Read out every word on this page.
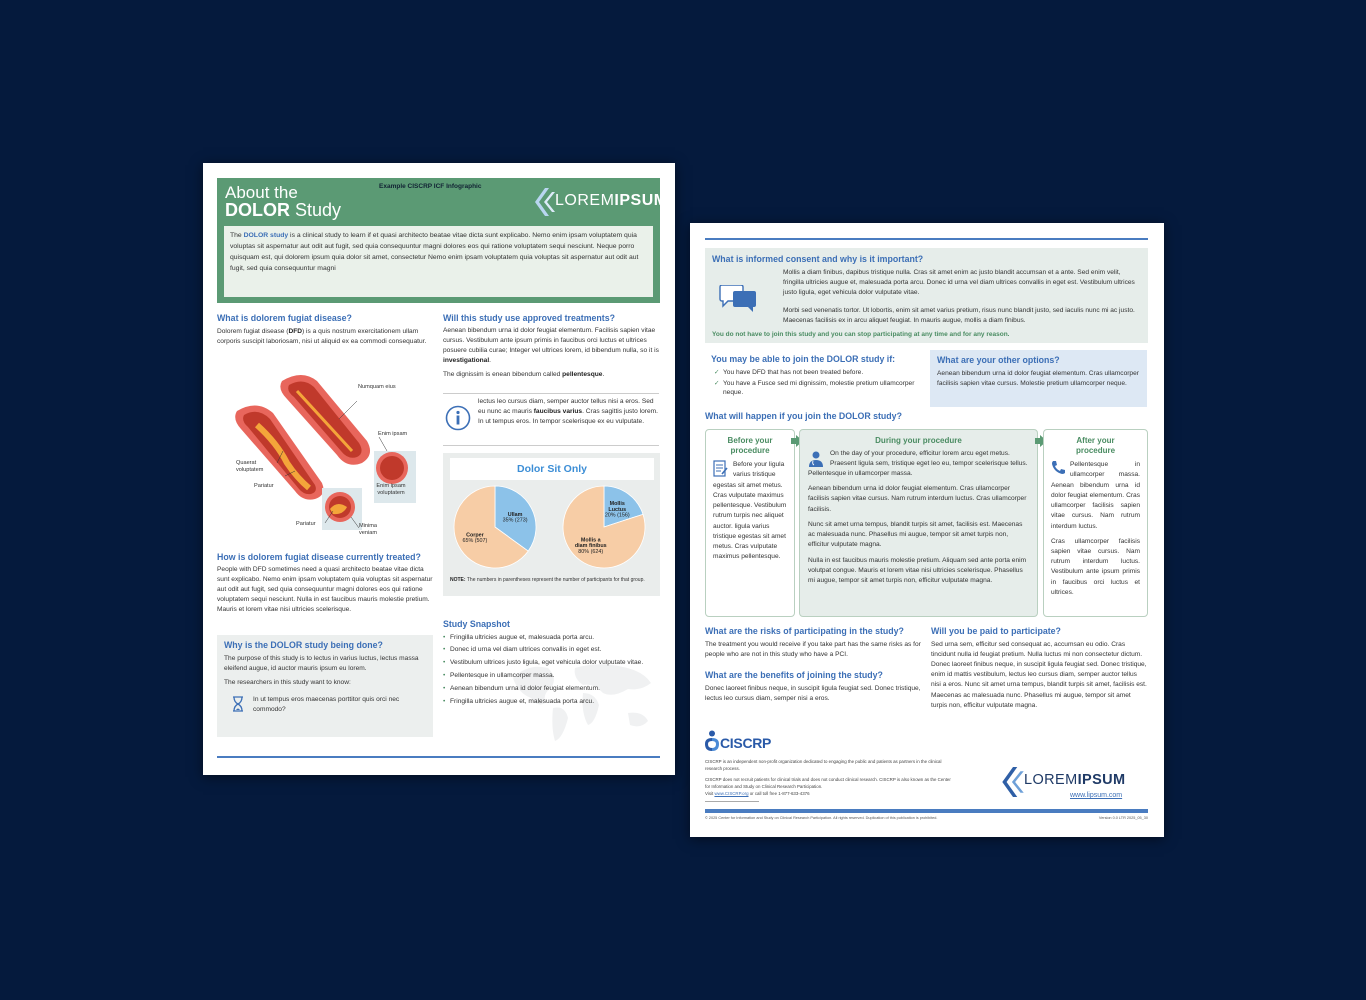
About the
DOLOR Study
Example CISCRP ICF Infographic
LOREMIPSUM

The DOLOR study is a clinical study to learn if et quasi architecto beatae vitae dicta sunt explicabo. Nemo enim ipsam voluptatem quia voluptas sit aspernatur aut odit aut fugit, sed quia consequuntur magni dolores eos qui ratione voluptatem sequi nesciunt. Neque porro quisquam est, qui dolorem ipsum quia dolor sit amet, consectetur Nemo enim ipsam voluptatem quia voluptas sit aspernatur aut odit aut fugit, sed quia consequuntur magni

What is dolorem fugiat disease?

Dolorem fugiat disease (DFD) is a quis nostrum exercitationem ullam corporis suscipit laboriosam, nisi ut aliquid ex ea commodi consequatur.

Numquam eius
Enim ipsam
Quaerat voluptatem
Pariatur	Enim ipsam voluptatem
Pariatur	Minima veniam
How is dolorem fugiat disease currently treated?

People with DFD sometimes need a quasi architecto beatae vitae dicta sunt explicabo. Nemo enim ipsam voluptatem quia voluptas sit aspernatur aut odit aut fugit, sed quia consequuntur magni dolores eos qui ratione voluptatem sequi nesciunt. Nulla in est faucibus mauris molestie pretium. Mauris et lorem vitae nisi ultricies scelerisque.

Why is the DOLOR study being done?

The purpose of this study is to lectus in varius luctus, lectus massa eleifend augue, id auctor mauris ipsum eu lorem.

The researchers in this study want to know:

In ut tempus eros maecenas porttitor quis orci nec commodo?

Will this study use approved treatments?

Aenean bibendum urna id dolor feugiat elementum. Facilisis sapien vitae cursus. Vestibulum ante ipsum primis in faucibus orci luctus et ultrices posuere cubilia curae; Integer vel ultrices lorem, id bibendum nulla, so it is investigational.

The dignissim is enean bibendum called pellentesque.

lectus leo cursus diam, semper auctor tellus nisi a eros. Sed eu nunc ac mauris faucibus varius. Cras sagittis justo lorem. In ut tempus eros. In tempor scelerisque ex eu vulputate.

Dolor Sit Only
Ullam
35% (273)
Corper
65% (507)
Mollis
Luctus
20% (156)
Mollis a
diam finibus
80% (624)

NOTE: The numbers in parentheses represent the number of participants for that group.

Study Snapshot
• Fringilla ultricies augue et, malesuada porta arcu.
• Donec id urna vel diam ultrices convallis in eget est.
• Vestibulum ultrices justo ligula, eget vehicula dolor vulputate vitae.
• Pellentesque in ullamcorper massa.
• Aenean bibendum urna id dolor feugiat elementum.
• Fringilla ultricies augue et, malesuada porta arcu.
What is informed consent and why is it important?

Mollis a diam finibus, dapibus tristique nulla. Cras sit amet enim ac justo blandit accumsan et a ante. Sed enim velit, fringilla ultricies augue et, malesuada porta arcu. Donec id urna vel diam ultrices convallis in eget est. Vestibulum ultrices justo ligula, eget vehicula dolor vulputate vitae.

Morbi sed venenatis tortor. Ut lobortis, enim sit amet varius pretium, risus nunc blandit justo, sed iaculis nunc mi ac justo. Maecenas facilisis ex in arcu aliquet feugiat. In mauris augue, mollis a diam finibus.

You do not have to join this study and you can stop participating at any time and for any reason.

You may be able to join the DOLOR study if:
✓ You have DFD that has not been treated before.
✓ You have a Fusce sed mi dignissim, molestie pretium ullamcorper neque.
What are your other options?

Aenean bibendum urna id dolor feugiat elementum. Cras ullamcorper facilisis sapien vitae cursus. Molestie pretium ullamcorper neque.

What will happen if you join the DOLOR study?
Before your
procedure

Before your ligula varius tristique egestas sit amet metus. Cras vulputate maximus pellentesque. Vestibulum rutrum turpis nec aliquet auctor. ligula varius tristique egestas sit amet metus. Cras vulputate maximus pellentesque.

During your procedure

On the day of your procedure, efficitur lorem arcu eget metus. Praesent ligula sem, tristique eget leo eu, tempor scelerisque tellus. Pellentesque in ullamcorper massa.

Aenean bibendum urna id dolor feugiat elementum. Cras ullamcorper facilisis sapien vitae cursus. Nam rutrum interdum luctus. Cras ullamcorper facilisis.

Nunc sit amet urna tempus, blandit turpis sit amet, facilisis est. Maecenas ac malesuada nunc. Phasellus mi augue, tempor sit amet turpis non, efficitur vulputate magna.

Nulla in est faucibus mauris molestie pretium. Aliquam sed ante porta enim volutpat congue. Mauris et lorem vitae nisi ultricies scelerisque. Phasellus mi augue, tempor sit amet turpis non, efficitur vulputate magna.

After your
procedure

Pellentesque in ullamcorper massa. Aenean bibendum urna id dolor feugiat elementum. Cras ullamcorper facilisis sapien vitae cursus. Nam rutrum interdum luctus.

Cras ullamcorper facilisis sapien vitae cursus. Nam rutrum interdum luctus. Vestibulum ante ipsum primis in faucibus orci luctus et ultrices.

What are the risks of participating in the study?

The treatment you would receive if you take part has the same risks as for people who are not in this study who have a PCI.

What are the benefits of joining the study?

Donec laoreet finibus neque, in suscipit ligula feugiat sed. Donec tristique, lectus leo cursus diam, semper nisi a eros.

Will you be paid to participate?

Sed urna sem, efficitur sed consequat ac, accumsan eu odio. Cras tincidunt nulla id feugiat pretium. Nulla luctus mi non consectetur dictum. Donec laoreet finibus neque, in suscipit ligula feugiat sed. Donec tristique, enim id mattis vestibulum, lectus leo cursus diam, semper auctor tellus nisi a eros. Nunc sit amet urna tempus, blandit turpis sit amet, facilisis est. Maecenas ac malesuada nunc. Phasellus mi augue, tempor sit amet turpis non, efficitur vulputate magna.

CISCRP

CISCRP is an independent non-profit organization dedicated to engaging the public and patients as partners in the clinical research process.

CISCRP does not recruit patients for clinical trials and does not conduct clinical research. CISCRP is also known as the Center for Information and Study on Clinical Research Participation.

Visit www.CISCRP.org or call toll free 1-877-633-4376

LOREMIPSUM
www.lipsum.com

© 2025 Center for Information and Study on Clinical Research Participation. All rights reserved. Duplication of this publication is prohibited.	Version 0.0 LTR 2025_05_30
